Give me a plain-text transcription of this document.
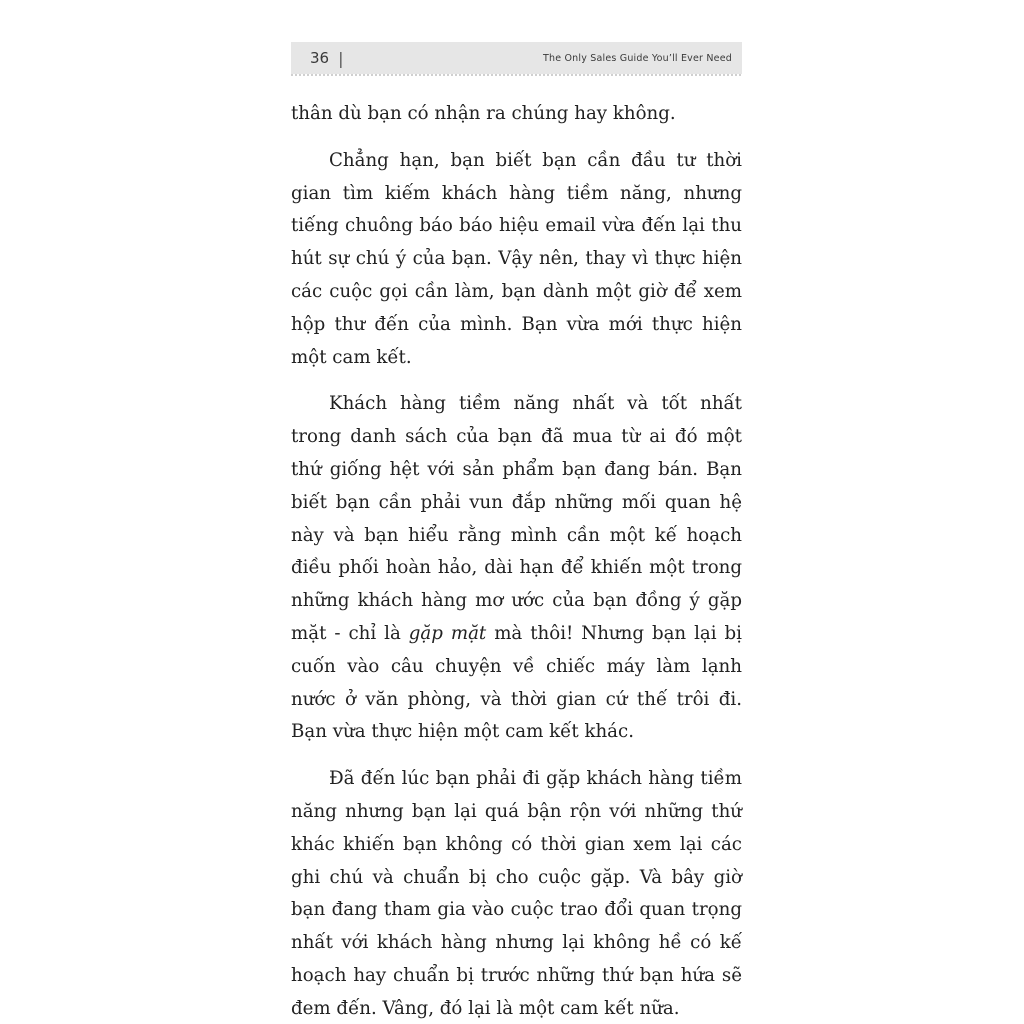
36 |	The Only Sales Guide You’ll Ever Need

thân dù bạn có nhận ra chúng hay không.

Chẳng hạn, bạn biết bạn cần đầu tư thời gian tìm kiếm khách hàng tiềm năng, nhưng tiếng chuông báo báo hiệu email vừa đến lại thu hút sự chú ý của bạn. Vậy nên, thay vì thực hiện các cuộc gọi cần làm, bạn dành một giờ để xem hộp thư đến của mình. Bạn vừa mới thực hiện một cam kết.

Khách hàng tiềm năng nhất và tốt nhất trong danh sách của bạn đã mua từ ai đó một thứ giống hệt với sản phẩm bạn đang bán. Bạn biết bạn cần phải vun đắp những mối quan hệ này và bạn hiểu rằng mình cần một kế hoạch điều phối hoàn hảo, dài hạn để khiến một trong những khách hàng mơ ước của bạn đồng ý gặp mặt - chỉ là gặp mặt mà thôi! Nhưng bạn lại bị cuốn vào câu chuyện về chiếc máy làm lạnh nước ở văn phòng, và thời gian cứ thế trôi đi. Bạn vừa thực hiện một cam kết khác.

Đã đến lúc bạn phải đi gặp khách hàng tiềm năng nhưng bạn lại quá bận rộn với những thứ khác khiến bạn không có thời gian xem lại các ghi chú và chuẩn bị cho cuộc gặp. Và bây giờ bạn đang tham gia vào cuộc trao đổi quan trọng nhất với khách hàng nhưng lại không hề có kế hoạch hay chuẩn bị trước những thứ bạn hứa sẽ đem đến. Vâng, đó lại là một cam kết nữa.
